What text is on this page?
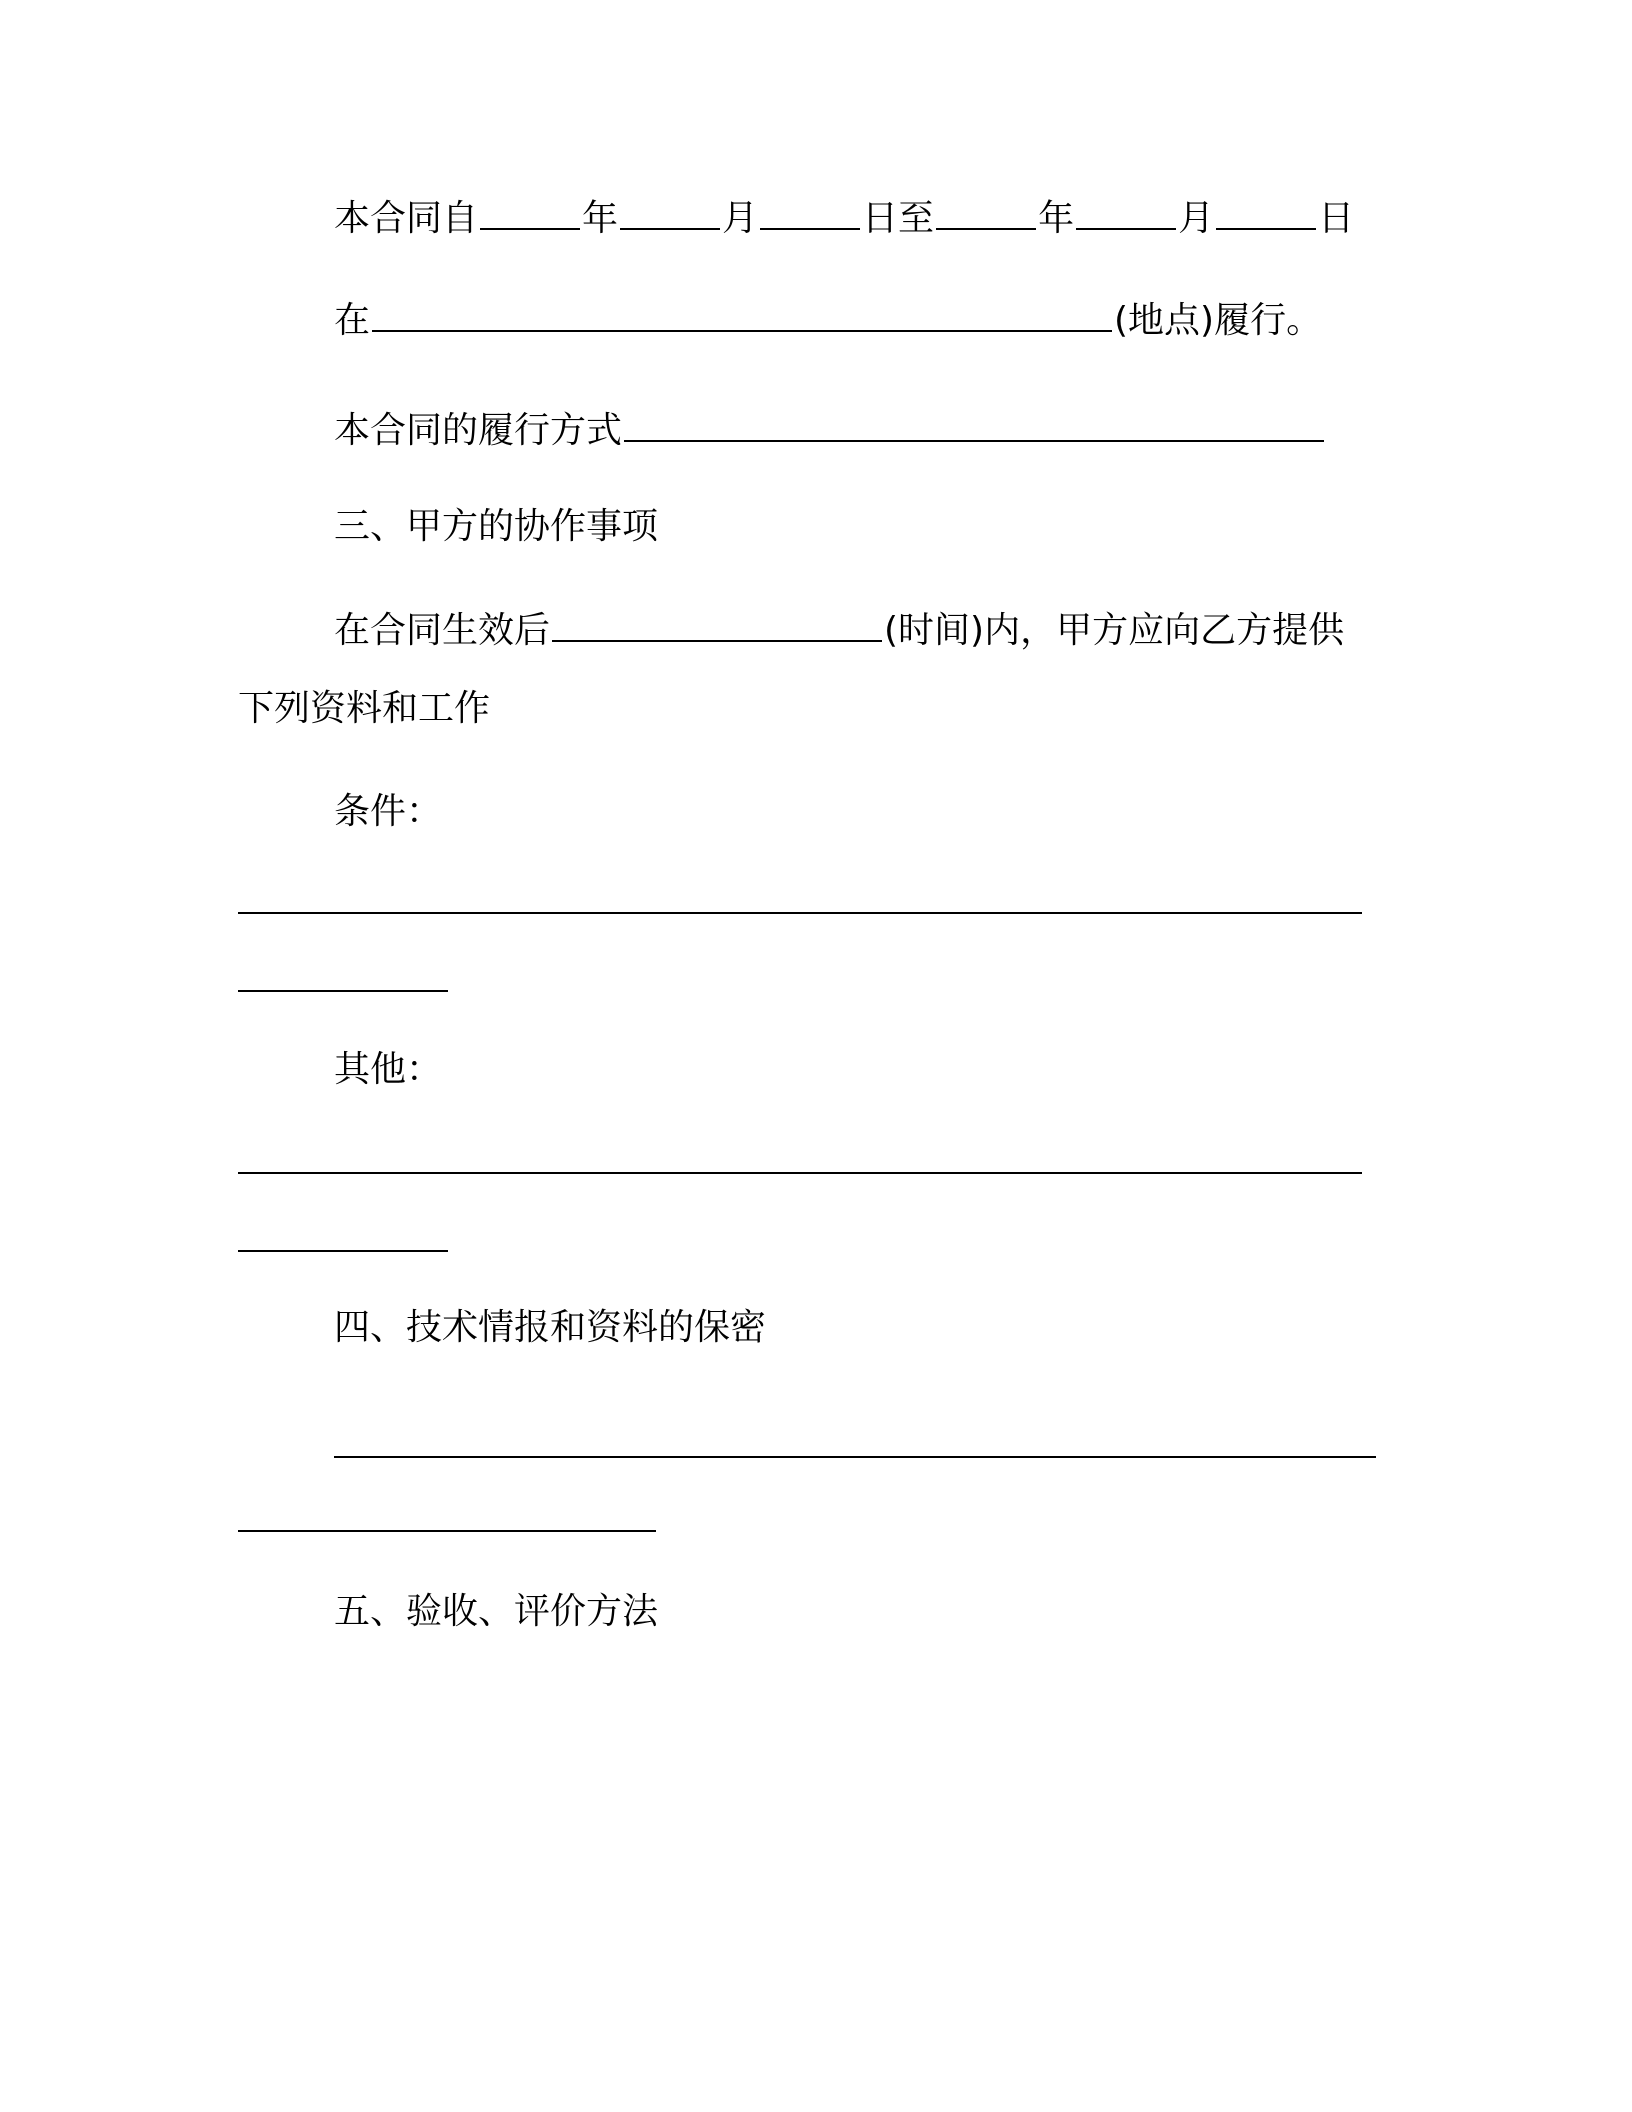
本合同自	年	月	日至	年	月	日
在	(地点)履行。
本合同的履行方式
三、甲方的协作事项
在合同生效后	(时间)内，甲方应向乙方提供
下列资料和工作
条件：
其他：
四、技术情报和资料的保密
五、验收、评价方法
